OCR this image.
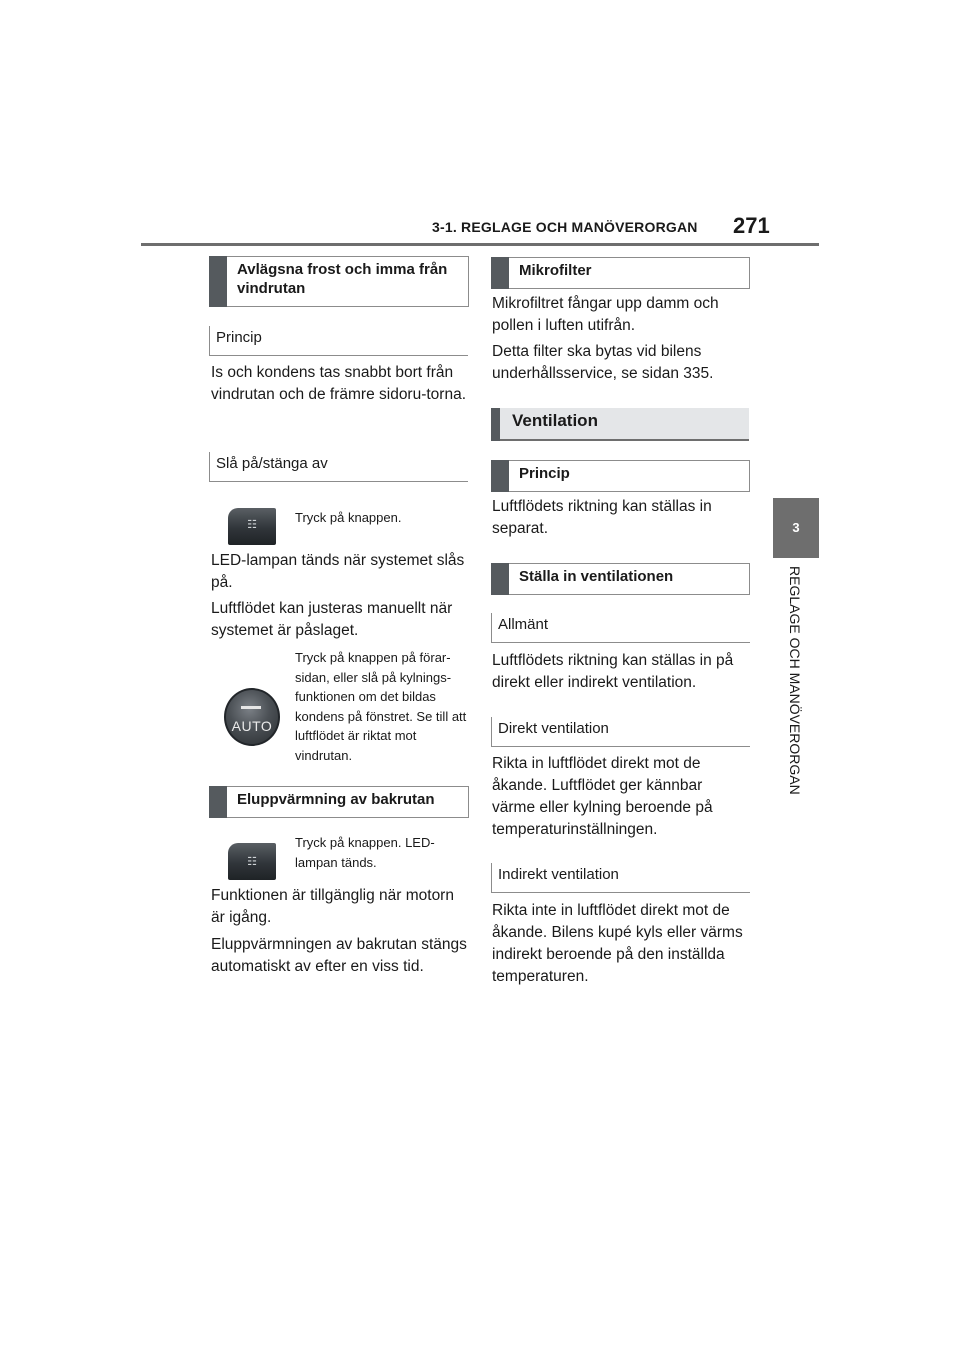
3-1. REGLAGE OCH MANÖVERORGAN 271
3
REGLAGE OCH MANÖVERORGAN
Avlägsna frost och imma från vindrutan
Princip
Is och kondens tas snabbt bort från vindrutan och de främre sidoru-torna.
Slå på/stänga av
☷	Tryck på knappen.
LED-lampan tänds när systemet slås på.
Luftflödet kan justeras manuellt när systemet är påslaget.
AUTO
Tryck på knappen på förar-sidan, eller slå på kylnings-funktionen om det bildas kondens på fönstret. Se till att luftflödet är riktat mot vindrutan.
Eluppvärmning av bakrutan
☷
Tryck på knappen. LED-lampan tänds.
Funktionen är tillgänglig när motorn är igång.
Eluppvärmningen av bakrutan stängs automatiskt av efter en viss tid.
Mikrofilter
Mikrofiltret fångar upp damm och pollen i luften utifrån.
Detta filter ska bytas vid bilens underhållsservice, se sidan 335.
Ventilation
Princip
Luftflödets riktning kan ställas in separat.
Ställa in ventilationen
Allmänt
Luftflödets riktning kan ställas in på direkt eller indirekt ventilation.
Direkt ventilation
Rikta in luftflödet direkt mot de åkande. Luftflödet ger kännbar värme eller kylning beroende på temperaturinställningen.
Indirekt ventilation
Rikta inte in luftflödet direkt mot de åkande. Bilens kupé kyls eller värms indirekt beroende på den inställda temperaturen.
